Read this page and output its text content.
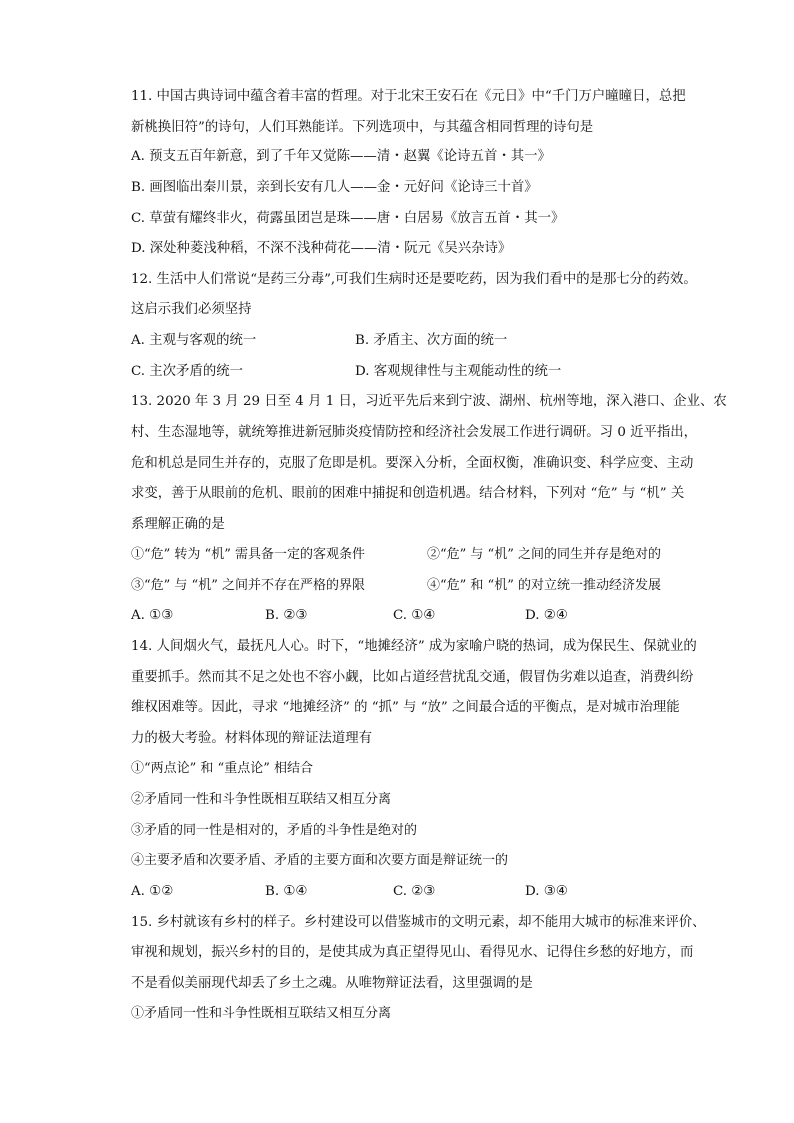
11. 中国古典诗词中蕴含着丰富的哲理。对于北宋王安石在《元日》中“千门万户曈曈日，总把
新桃换旧符”的诗句，人们耳熟能详。下列选项中，与其蕴含相同哲理的诗句是
A. 预支五百年新意，到了千年又觉陈——清・赵翼《论诗五首・其一》
B. 画图临出秦川景，亲到长安有几人——金・元好问《论诗三十首》
C. 草萤有耀终非火，荷露虽团岂是珠——唐・白居易《放言五首・其一》
D. 深处种菱浅种稻，不深不浅种荷花——清・阮元《吴兴杂诗》
12. 生活中人们常说“是药三分毒”,可我们生病时还是要吃药，因为我们看中的是那七分的药效。
这启示我们必须坚持
A. 主观与客观的统一	B. 矛盾主、次方面的统一
C. 主次矛盾的统一	D. 客观规律性与主观能动性的统一
13. 2020 年 3 月 29 日至 4 月 1 日，习近平先后来到宁波、湖州、杭州等地，深入港口、企业、农
村、生态湿地等，就统筹推进新冠肺炎疫情防控和经济社会发展工作进行调研。习 0 近平指出，
危和机总是同生并存的，克服了危即是机。要深入分析，全面权衡，准确识变、科学应变、主动
求变，善于从眼前的危机、眼前的困难中捕捉和创造机遇。结合材料，下列对 “危” 与 “机” 关
系理解正确的是
①“危” 转为 “机” 需具备一定的客观条件	②“危” 与 “机” 之间的同生并存是绝对的
③“危” 与 “机” 之间并不存在严格的界限	④“危” 和 “机” 的对立统一推动经济发展
A. ①③	B. ②③	C. ①④	D. ②④
14. 人间烟火气，最抚凡人心。时下，“地摊经济” 成为家喻户晓的热词，成为保民生、保就业的
重要抓手。然而其不足之处也不容小觑，比如占道经营扰乱交通，假冒伪劣难以追查，消费纠纷
维权困难等。因此，寻求 “地摊经济” 的 “抓” 与 “放” 之间最合适的平衡点，是对城市治理能
力的极大考验。材料体现的辩证法道理有
①“两点论” 和 “重点论” 相结合
②矛盾同一性和斗争性既相互联结又相互分离
③矛盾的同一性是相对的，矛盾的斗争性是绝对的
④主要矛盾和次要矛盾、矛盾的主要方面和次要方面是辩证统一的
A. ①②	B. ①④	C. ②③	D. ③④
15. 乡村就该有乡村的样子。乡村建设可以借鉴城市的文明元素，却不能用大城市的标准来评价、
审视和规划，振兴乡村的目的，是使其成为真正望得见山、看得见水、记得住乡愁的好地方，而
不是看似美丽现代却丢了乡土之魂。从唯物辩证法看，这里强调的是
①矛盾同一性和斗争性既相互联结又相互分离
